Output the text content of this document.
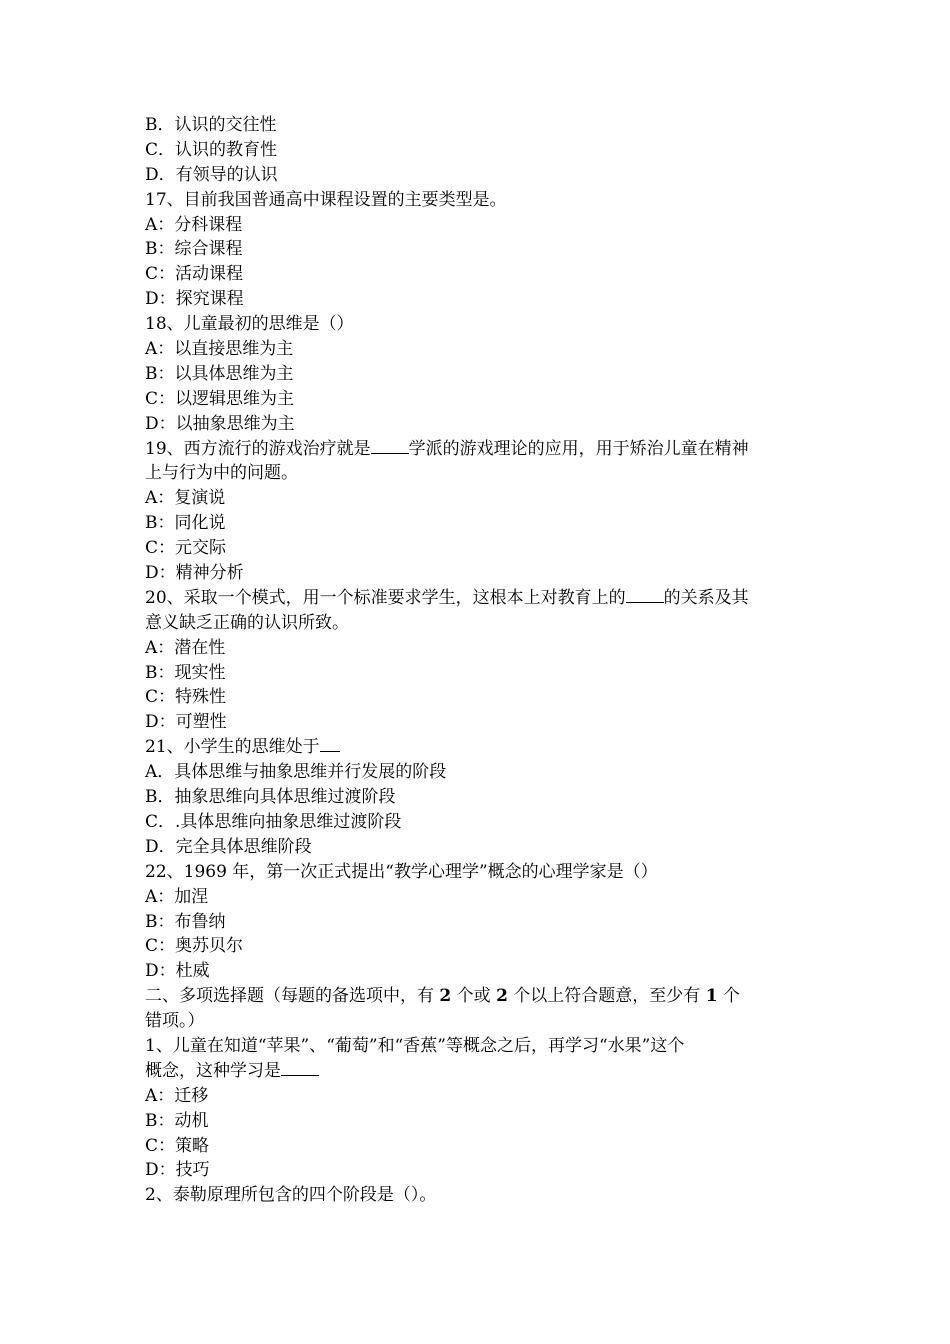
B．认识的交往性
C．认识的教育性
D．有领导的认识
17、目前我国普通高中课程设置的主要类型是。
A：分科课程
B：综合课程
C：活动课程
D：探究课程
18、儿童最初的思维是（）
A：以直接思维为主
B：以具体思维为主
C：以逻辑思维为主
D：以抽象思维为主
19、西方流行的游戏治疗就是 学派的游戏理论的应用，用于矫治儿童在精神
上与行为中的问题。
A：复演说
B：同化说
C：元交际
D：精神分析
20、采取一个模式，用一个标准要求学生，这根本上对教育上的 的关系及其
意义缺乏正确的认识所致。
A：潜在性
B：现实性
C：特殊性
D：可塑性
21、小学生的思维处于
A．具体思维与抽象思维并行发展的阶段
B．抽象思维向具体思维过渡阶段
C．.具体思维向抽象思维过渡阶段
D．完全具体思维阶段
22、1969 年，第一次正式提出“教学心理学”概念的心理学家是（）
A：加涅
B：布鲁纳
C：奥苏贝尔
D：杜威
二、多项选择题（每题的备选项中，有 2 个或 2 个以上符合题意，至少有 1 个
错项。）
1、儿童在知道“苹果”、“葡萄”和“香蕉”等概念之后，再学习“水果”这个
概念，这种学习是
A：迁移
B：动机
C：策略
D：技巧
2、泰勒原理所包含的四个阶段是（）。
